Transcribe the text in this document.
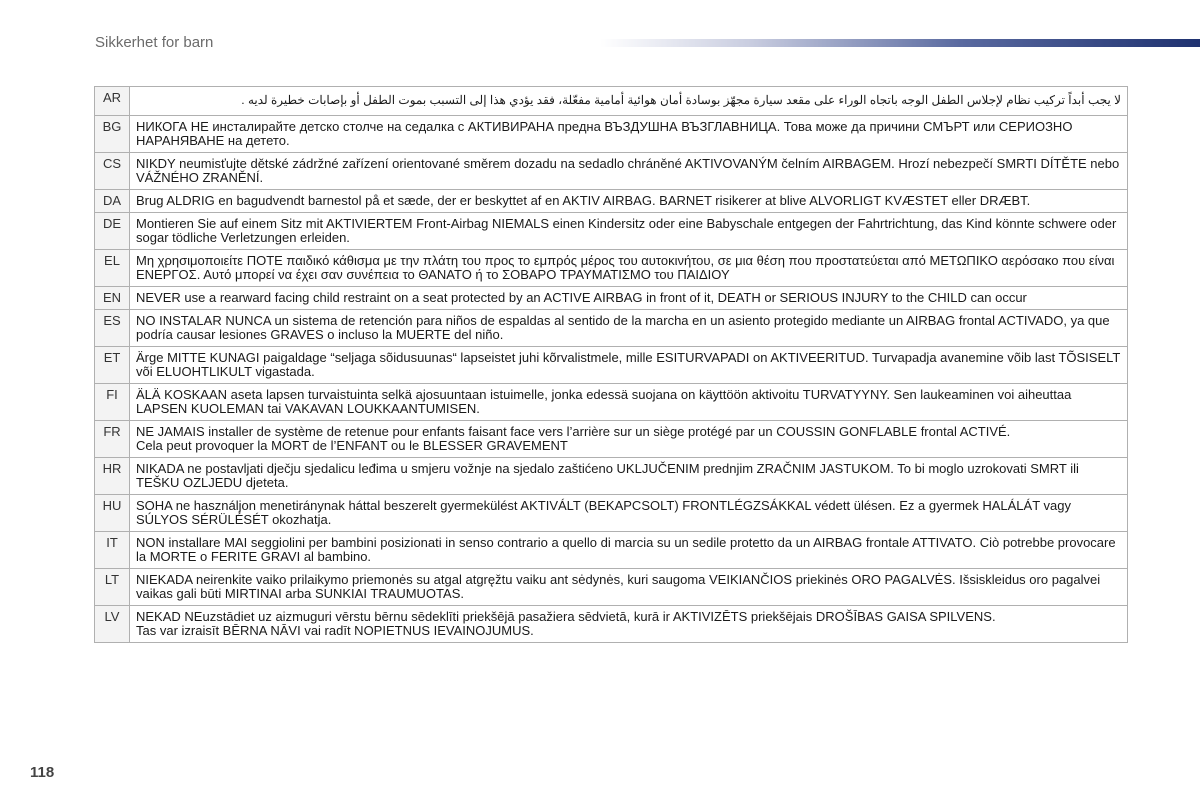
Sikkerhet for barn
AR	لا يجب أبداً تركيب نظام لإجلاس الطفل الوجه باتجاه الوراء على مقعد سيارة مجهّز بوسادة أمان هوائية أمامية مفعّلة، فقد يؤدي هذا إلى التسبب بموت الطفل أو بإصابات خطيرة لديه .
BG	НИКОГА НЕ инсталирайте детско столче на седалка с АКТИВИРАНА предна ВЪЗДУШНА ВЪЗГЛАВНИЦА. Това може да причини СМЪРТ или СЕРИОЗНО НАРАНЯВАНЕ на детето.
CS	NIKDY neumisťujte dětské zádržné zařízení orientované směrem dozadu na sedadlo chráněné AKTIVOVANÝM čelním AIRBAGEM. Hrozí nebezpečí SMRTI DÍTĚTE nebo VÁŽNÉHO ZRANĚNÍ.
DA	Brug ALDRIG en bagudvendt barnestol på et sæde, der er beskyttet af en AKTIV AIRBAG. BARNET risikerer at blive ALVORLIGT KVÆSTET eller DRÆBT.
DE	Montieren Sie auf einem Sitz mit AKTIVIERTEM Front-Airbag NIEMALS einen Kindersitz oder eine Babyschale entgegen der Fahrtrichtung, das Kind könnte schwere oder sogar tödliche Verletzungen erleiden.
EL	Μη χρησιμοποιείτε ΠΟΤΕ παιδικό κάθισμα με την πλάτη του προς το εμπρός μέρος του αυτοκινήτου, σε μια θέση που προστατεύεται από ΜΕΤΩΠΙΚΟ αερόσακο που είναι ΕΝΕΡΓΟΣ. Αυτό μπορεί να έχει σαν συνέπεια το ΘΑΝΑΤΟ ή το ΣΟΒΑΡΟ ΤΡΑΥΜΑΤΙΣΜΟ του ΠΑΙΔΙΟΥ
EN	NEVER use a rearward facing child restraint on a seat protected by an ACTIVE AIRBAG in front of it, DEATH or SERIOUS INJURY to the CHILD can occur
ES	NO INSTALAR NUNCA un sistema de retención para niños de espaldas al sentido de la marcha en un asiento protegido mediante un AIRBAG frontal ACTIVADO, ya que podría causar lesiones GRAVES o incluso la MUERTE del niño.
ET	Ärge MITTE KUNAGI paigaldage “seljaga sõidusuunas“ lapseistet juhi kõrvalistmele, mille ESITURVAPADI on AKTIVEERITUD. Turvapadja avanemine võib last TÕSISELT või ELUOHTLIKULT vigastada.
FI	ÄLÄ KOSKAAN aseta lapsen turvaistuinta selkä ajosuuntaan istuimelle, jonka edessä suojana on käyttöön aktivoitu TURVATYYNY. Sen laukeaminen voi aiheuttaa LAPSEN KUOLEMAN tai VAKAVAN LOUKKAANTUMISEN.
FR	NE JAMAIS installer de système de retenue pour enfants faisant face vers l’arrière sur un siège protégé par un COUSSIN GONFLABLE frontal ACTIVÉ.
Cela peut provoquer la MORT de l’ENFANT ou le BLESSER GRAVEMENT
HR	NIKADA ne postavljati dječju sjedalicu leđima u smjeru vožnje na sjedalo zaštićeno UKLJUČENIM prednjim ZRAČNIM JASTUKOM. To bi moglo uzrokovati SMRT ili TEŠKU OZLJEDU djeteta.
HU	SOHA ne használjon menetiránynak háttal beszerelt gyermekülést AKTIVÁLT (BEKAPCSOLT) FRONTLÉGZSÁKKAL védett ülésen. Ez a gyermek HALÁLÁT vagy SÚLYOS SÉRÜLÉSÉT okozhatja.
IT	NON installare MAI seggiolini per bambini posizionati in senso contrario a quello di marcia su un sedile protetto da un AIRBAG frontale ATTIVATO. Ciò potrebbe provocare la MORTE o FERITE GRAVI al bambino.
LT	NIEKADA neirenkite vaiko prilaikymo priemonės su atgal atgręžtu vaiku ant sėdynės, kuri saugoma VEIKIANČIOS priekinės ORO PAGALVĖS. Išsiskleidus oro pagalvei vaikas gali būti MIRTINAI arba SUNKIAI TRAUMUOTAS.
LV	NEKAD NEuzstādiet uz aizmuguri vērstu bērnu sēdeklīti priekšējā pasažiera sēdvietā, kurā ir AKTIVIZĒTS priekšējais DROŠĪBAS GAISA SPILVENS.
Tas var izraisīt BĒRNA NĀVI vai radīt NOPIETNUS IEVAINOJUMUS.
118
